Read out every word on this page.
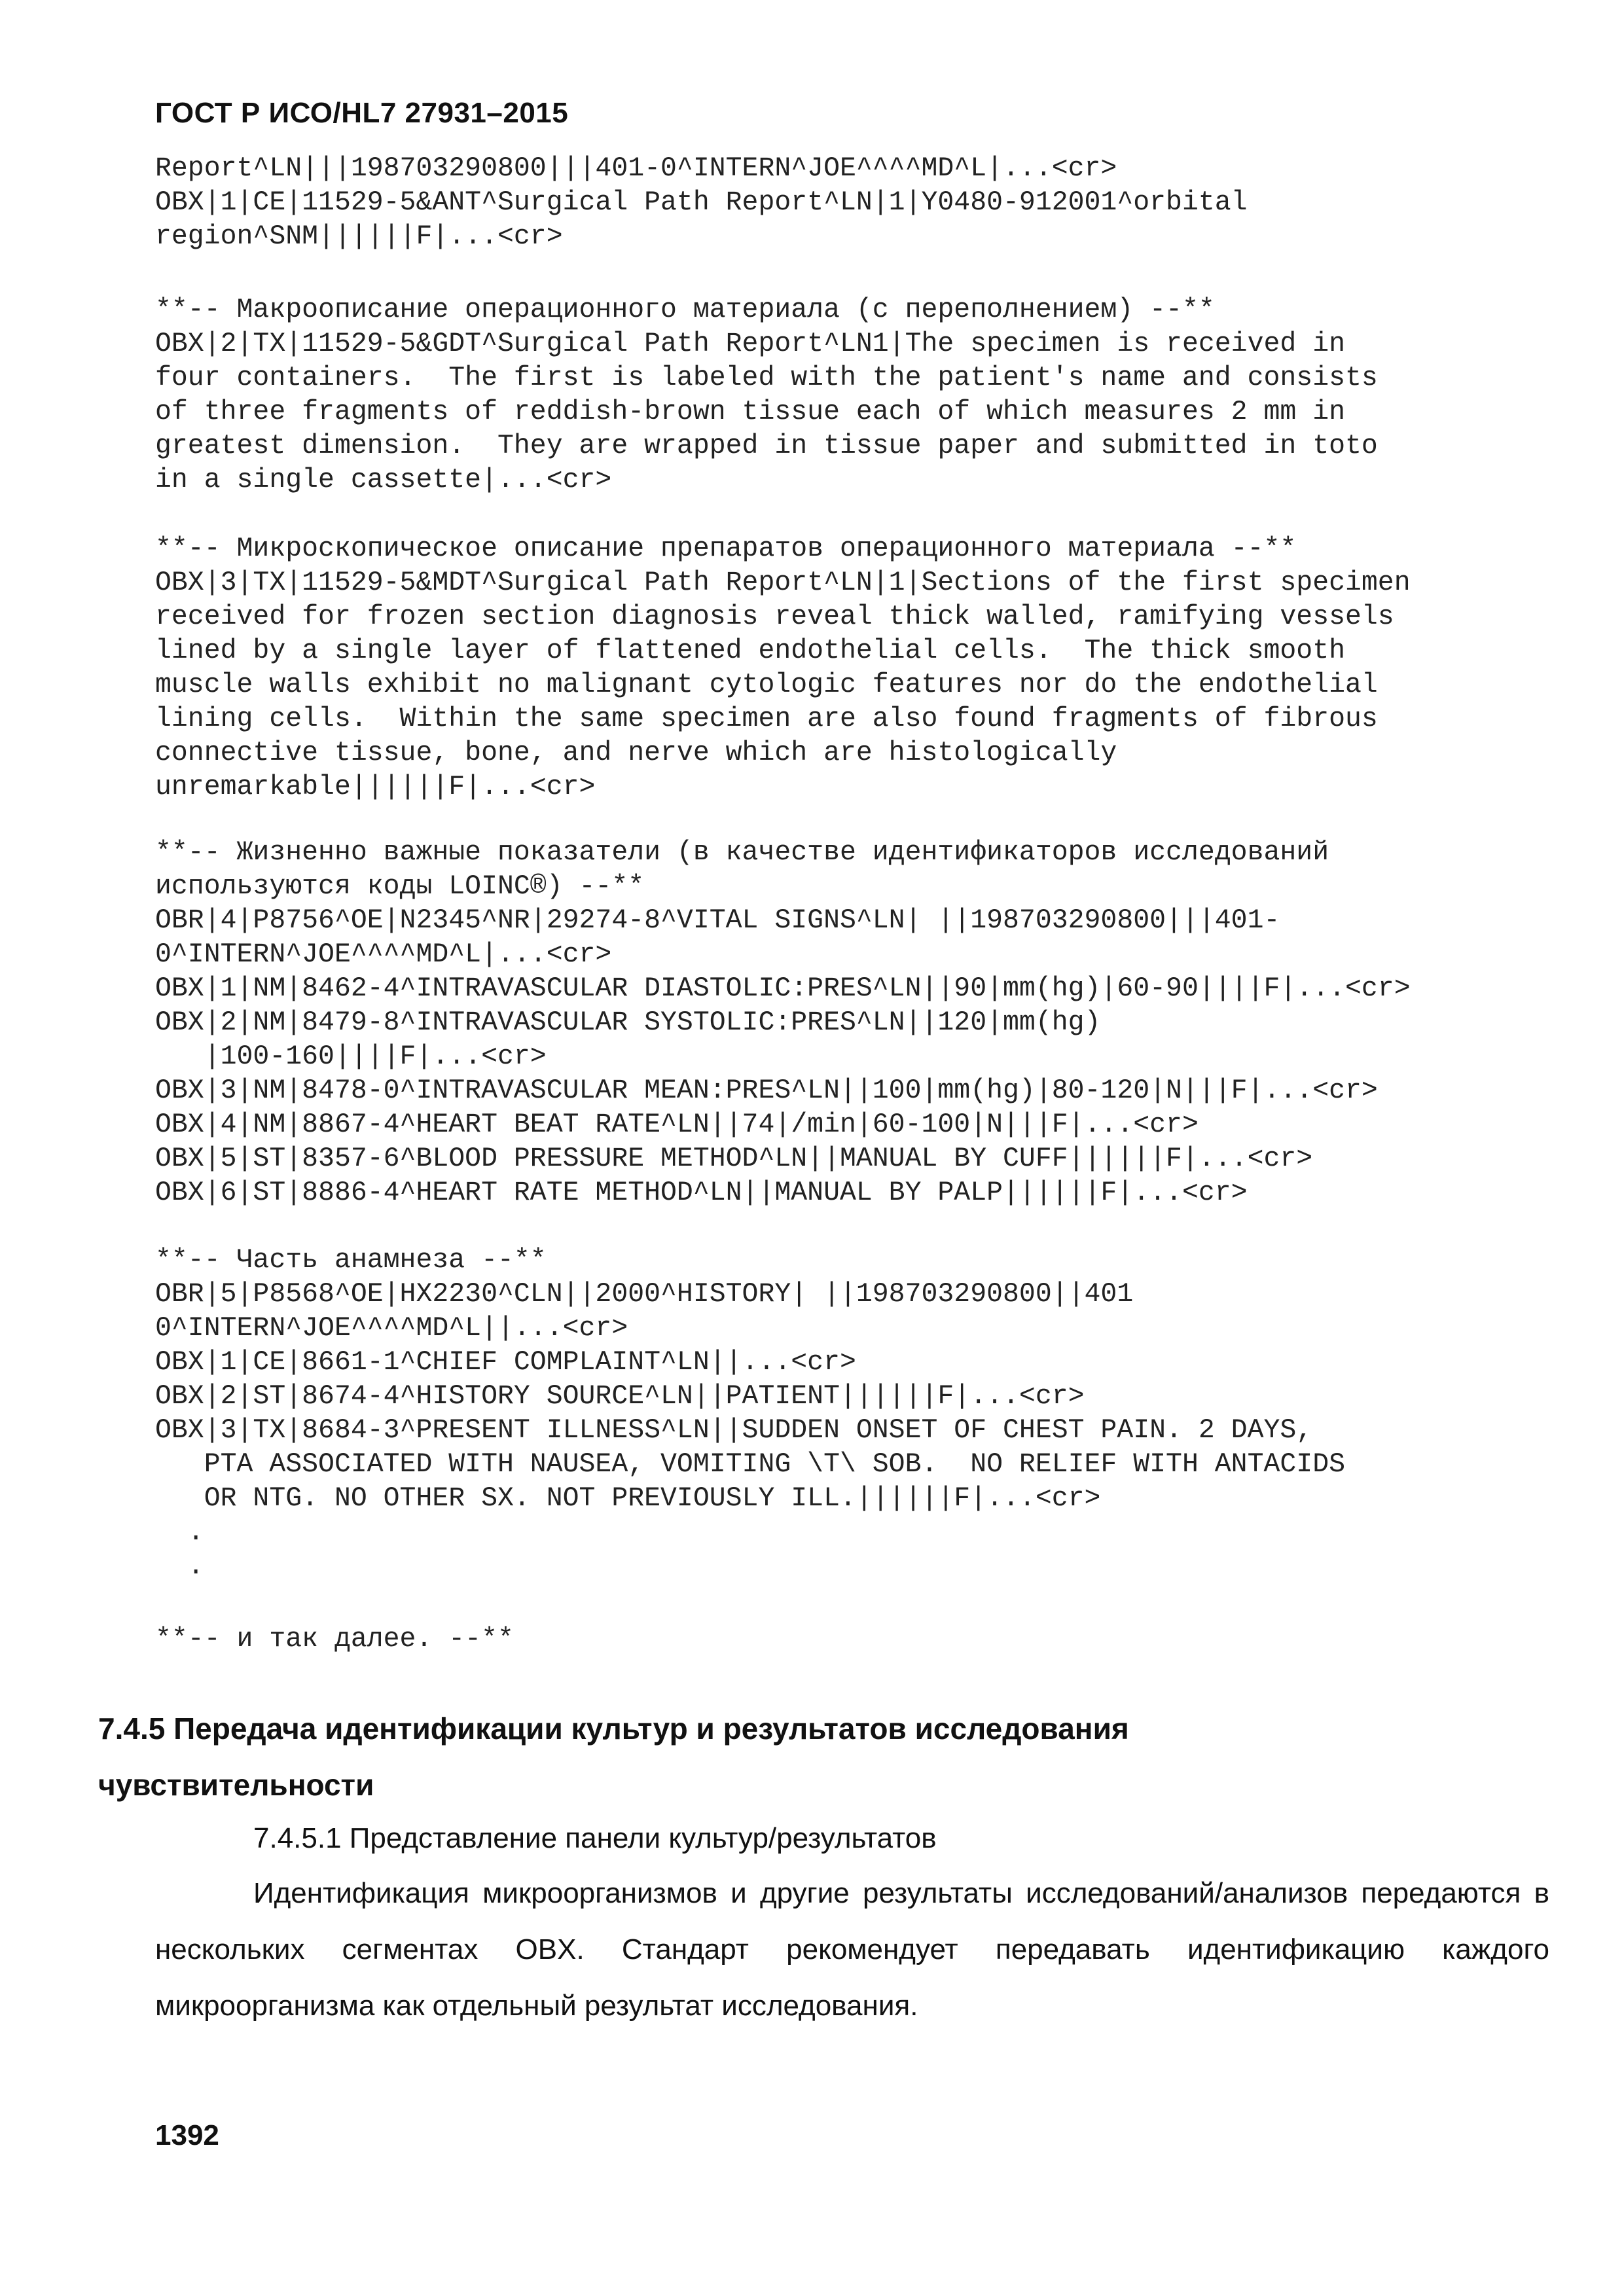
ГОСТ Р ИСО/HL7 27931–2015
Report^LN|||198703290800|||401-0^INTERN^JOE^^^^MD^L|...<cr>
OBX|1|CE|11529-5&ANT^Surgical Path Report^LN|1|Y0480-912001^orbital
region^SNM||||||F|...<cr>
**-- Макроописание операционного материала (с переполнением) --**
OBX|2|TX|11529-5&GDT^Surgical Path Report^LN1|The specimen is received in
four containers.  The first is labeled with the patient's name and consists
of three fragments of reddish-brown tissue each of which measures 2 mm in
greatest dimension.  They are wrapped in tissue paper and submitted in toto
in a single cassette|...<cr>
**-- Микроскопическое описание препаратов операционного материала --**
OBX|3|TX|11529-5&MDT^Surgical Path Report^LN|1|Sections of the first specimen
received for frozen section diagnosis reveal thick walled, ramifying vessels
lined by a single layer of flattened endothelial cells.  The thick smooth
muscle walls exhibit no malignant cytologic features nor do the endothelial
lining cells.  Within the same specimen are also found fragments of fibrous
connective tissue, bone, and nerve which are histologically
unremarkable||||||F|...<cr>
**-- Жизненно важные показатели (в качестве идентификаторов исследований
используются коды LOINC®) --**
OBR|4|P8756^OE|N2345^NR|29274-8^VITAL SIGNS^LN| ||198703290800|||401-
0^INTERN^JOE^^^^MD^L|...<cr>
OBX|1|NM|8462-4^INTRAVASCULAR DIASTOLIC:PRES^LN||90|mm(hg)|60-90||||F|...<cr>
OBX|2|NM|8479-8^INTRAVASCULAR SYSTOLIC:PRES^LN||120|mm(hg)
|100-160||||F|...<cr>
OBX|3|NM|8478-0^INTRAVASCULAR MEAN:PRES^LN||100|mm(hg)|80-120|N|||F|...<cr>
OBX|4|NM|8867-4^HEART BEAT RATE^LN||74|/min|60-100|N|||F|...<cr>
OBX|5|ST|8357-6^BLOOD PRESSURE METHOD^LN||MANUAL BY CUFF||||||F|...<cr>
OBX|6|ST|8886-4^HEART RATE METHOD^LN||MANUAL BY PALP||||||F|...<cr>
**-- Часть анамнеза --**
OBR|5|P8568^OE|HX2230^CLN||2000^HISTORY| ||198703290800||401
0^INTERN^JOE^^^^MD^L||...<cr>
OBX|1|CE|8661-1^CHIEF COMPLAINT^LN||...<cr>
OBX|2|ST|8674-4^HISTORY SOURCE^LN||PATIENT||||||F|...<cr>
OBX|3|TX|8684-3^PRESENT ILLNESS^LN||SUDDEN ONSET OF CHEST PAIN. 2 DAYS,
PTA ASSOCIATED WITH NAUSEA, VOMITING \T\ SOB.  NO RELIEF WITH ANTACIDS
OR NTG. NO OTHER SX. NOT PREVIOUSLY ILL.||||||F|...<cr>
.
.
**-- и так далее. --**
7.4.5 Передача идентификации культур и результатов исследования чувствительности
7.4.5.1 Представление панели культур/результатов
Идентификация микроорганизмов и другие результаты исследований/анализов передаются в нескольких сегментах OBX. Стандарт рекомендует передавать идентификацию каждого микроорганизма как отдельный результат исследования.
1392
